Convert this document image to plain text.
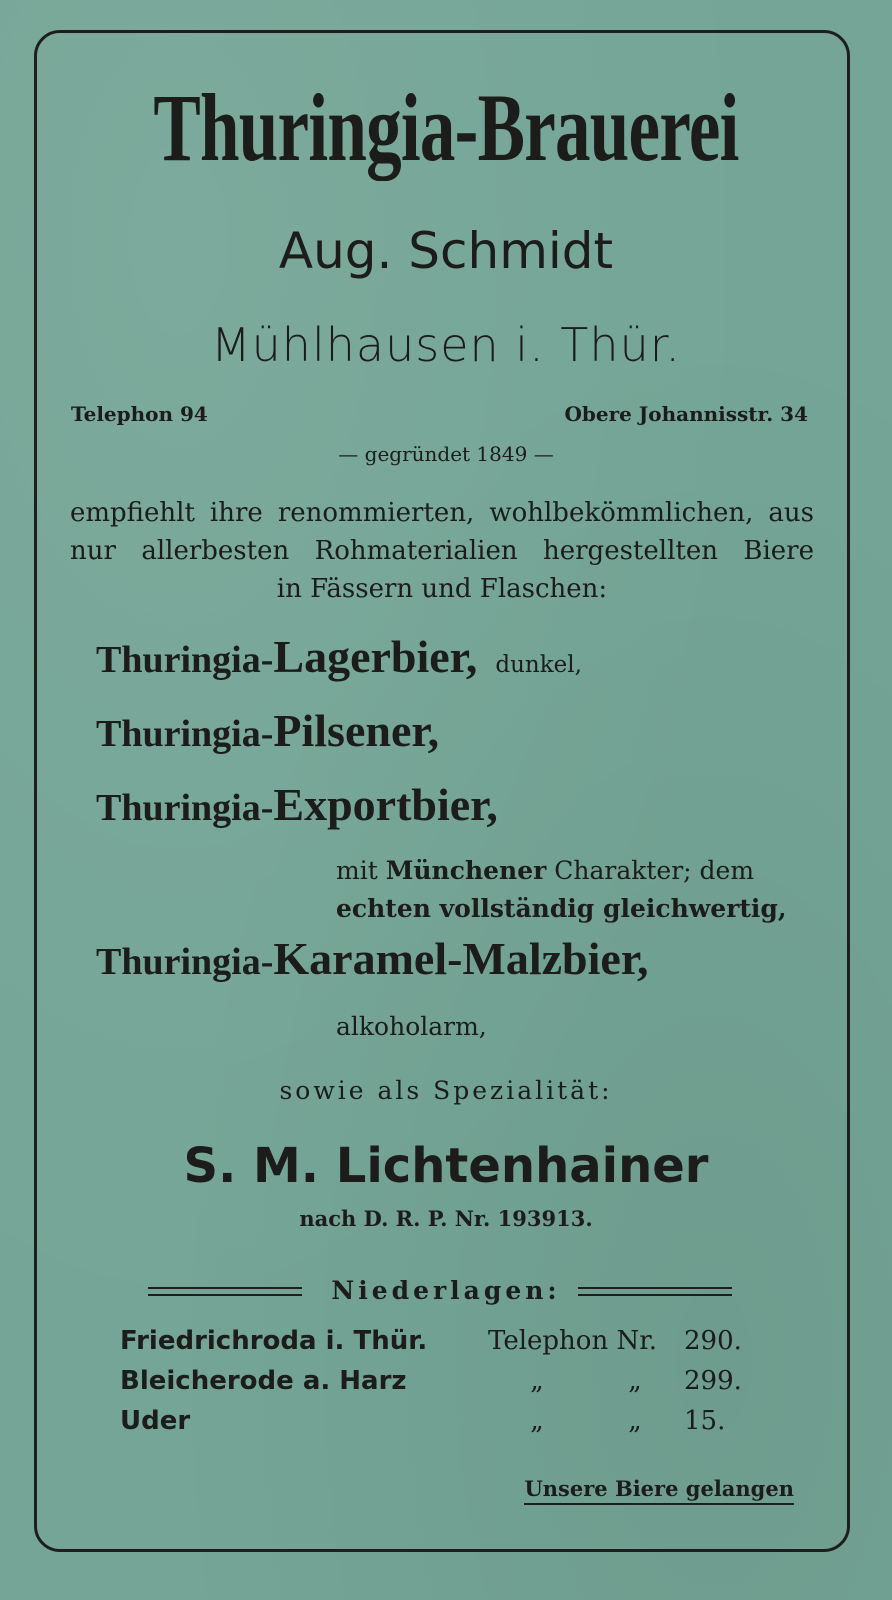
Thuringia-Brauerei
Aug. Schmidt
Mühlhausen i. Thür.
Telephon 94	Obere Johannisstr. 34
— gegründet 1849 —

empfiehlt ihre renommierten, wohlbekömmlichen, aus

nur allerbesten Rohmaterialien hergestellten Biere

in Fässern und Flaschen:

Thuringia-Lagerbier, dunkel,
Thuringia-Pilsener,
Thuringia-Exportbier,
mit Münchener Charakter; dem
echten vollständig gleichwertig,
Thuringia-Karamel-Malzbier,
alkoholarm,
sowie als Spezialität:
S. M. Lichtenhainer
nach D. R. P. Nr. 193913.
Niederlagen:
Friedrichroda i. Thür. Telephon Nr. 290.
Bleicherode a. Harz	„	„ 299.
Uder	„	„ 15.
Unsere Biere gelangen
